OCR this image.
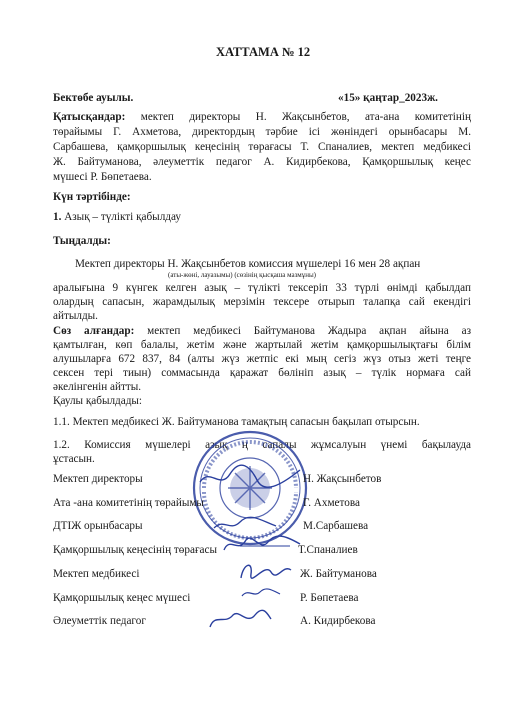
ХАТТАМА № 12
Бектөбе ауылы.	«15» қаңтар_2023ж.
Қатысқандар: мектеп директоры Н. Жақсынбетов, ата-ана комитетінің
төрайымы Г. Ахметова, директордың тәрбие ісі жөніндегі орынбасары М.
Сарбашева, қамқоршылық кеңесінің төрағасы Т. Спаналиев, мектеп медбикесі
Ж. Байтуманова, әлеуметтік педагог А. Кидирбекова, Қамқоршылық кеңес
мүшесі Р. Бөпетаева.
Күн тәртібінде:
1. Азық – түлікті қабылдау
Тыңдалды:
Мектеп директоры Н. Жақсынбетов комиссия мүшелері 16 мен 28 ақпан
(аты-жөні, лауазымы) (сөзінің қысқаша мазмұны)
аралығына 9 күнгек келген азық – түлікті тексеріп 33 түрлі өнімді қабылдап
олардың сапасын, жарамдылық мерзімін тексере отырып талапқа сай екендігі
айтылды.
Сөз алғандар: мектеп медбикесі Байтуманова Жадыра ақпан айына аз
қамтылған, көп балалы, жетім және жартылай жетім қамқоршылықтағы білім
алушыларға 672 837, 84 (алты жүз жетпіс екі мың сегіз жүз отыз жеті теңге
сексен тері тиын) соммасында қаражат бөлініп азық – түлік нормаға сай
әкелінгенін айтты.
Қаулы қабылдады:
1.1. Мектеп медбикесі Ж. Байтуманова тамақтың сапасын бақылап отырсын.
1.2. Комиссия мүшелері азық ң сапалы жұмсалуын үнемі бақылауда
ұстасын.
Мектеп директоры	Н. Жақсынбетов
Ата -ана комитетінің төрайымы	Г. Ахметова
ДТІЖ орынбасары	М.Сарбашева
Қамқоршылық кеңесінің төрағасы	Т.Спаналиев
Мектеп медбикесі	Ж. Байтуманова
Қамқоршылық кеңес мүшесі	Р. Бөпетаева
Әлеуметтік педагог	А. Кидирбекова
